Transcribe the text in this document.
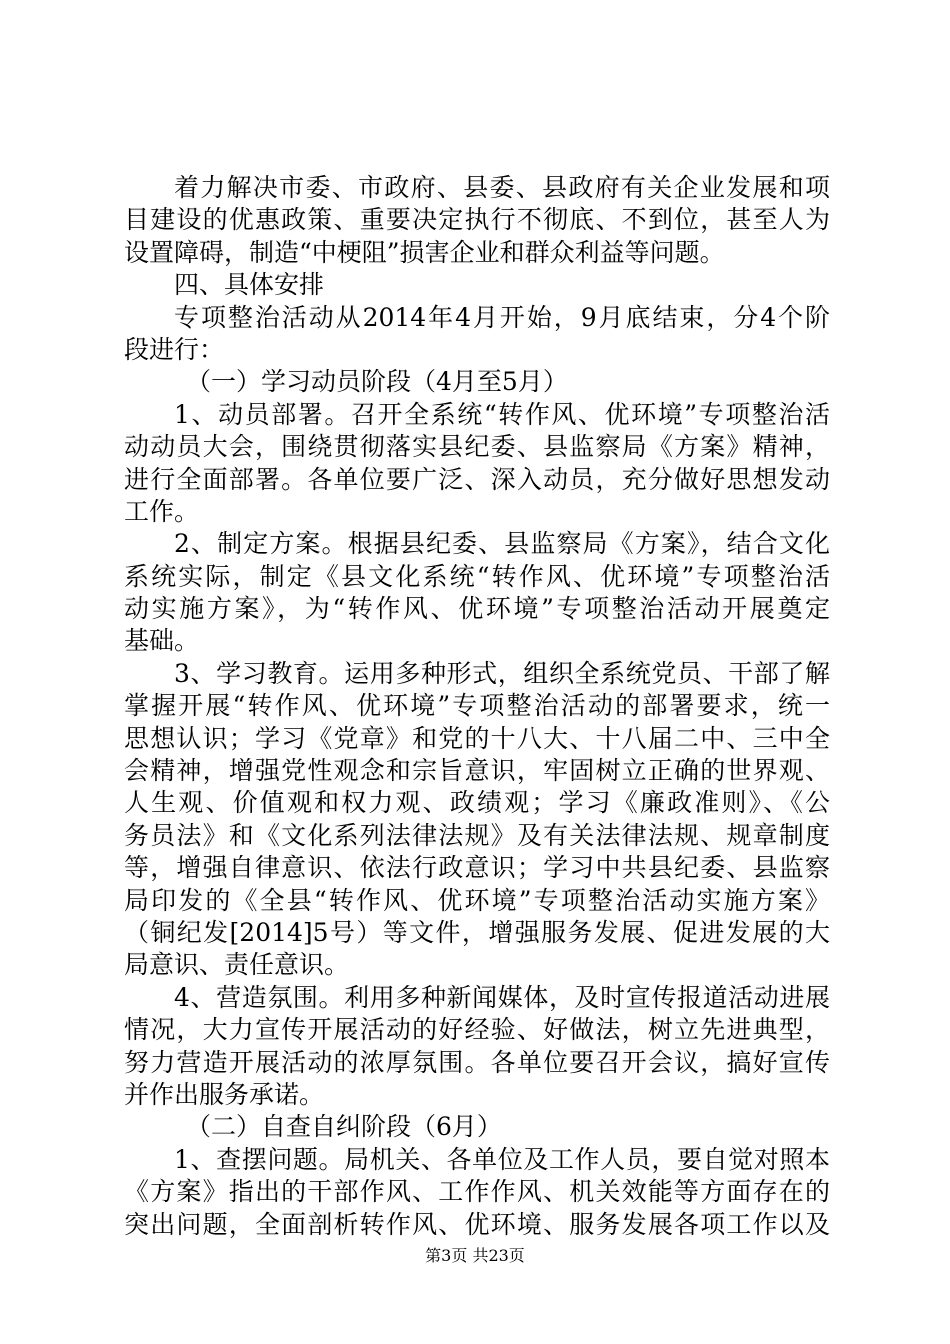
着力解决市委、市政府、县委、县政府有关企业发展和项
目建设的优惠政策、重要决定执行不彻底、不到位，甚至人为
设置障碍，制造“中梗阻”损害企业和群众利益等问题。
四、具体安排
专项整治活动从2014年4月开始，9月底结束，分4个阶
段进行：
（一）学习动员阶段（4月至5月）
1、动员部署。召开全系统“转作风、优环境”专项整治活
动动员大会，围绕贯彻落实县纪委、县监察局《方案》精神，
进行全面部署。各单位要广泛、深入动员，充分做好思想发动
工作。
2、制定方案。根据县纪委、县监察局《方案》，结合文化
系统实际，制定《县文化系统“转作风、优环境”专项整治活
动实施方案》，为“转作风、优环境”专项整治活动开展奠定
基础。
3、学习教育。运用多种形式，组织全系统党员、干部了解
掌握开展“转作风、优环境”专项整治活动的部署要求，统一
思想认识；学习《党章》和党的十八大、十八届二中、三中全
会精神，增强党性观念和宗旨意识，牢固树立正确的世界观、
人生观、价值观和权力观、政绩观；学习《廉政准则》、《公
务员法》和《文化系列法律法规》及有关法律法规、规章制度
等，增强自律意识、依法行政意识；学习中共县纪委、县监察
局印发的《全县“转作风、优环境”专项整治活动实施方案》
（铜纪发[2014]5号）等文件，增强服务发展、促进发展的大
局意识、责任意识。
4、营造氛围。利用多种新闻媒体，及时宣传报道活动进展
情况，大力宣传开展活动的好经验、好做法，树立先进典型，
努力营造开展活动的浓厚氛围。各单位要召开会议，搞好宣传
并作出服务承诺。
（二）自查自纠阶段（6月）
1、查摆问题。局机关、各单位及工作人员，要自觉对照本
《方案》指出的干部作风、工作作风、机关效能等方面存在的
突出问题，全面剖析转作风、优环境、服务发展各项工作以及
第3页 共23页
